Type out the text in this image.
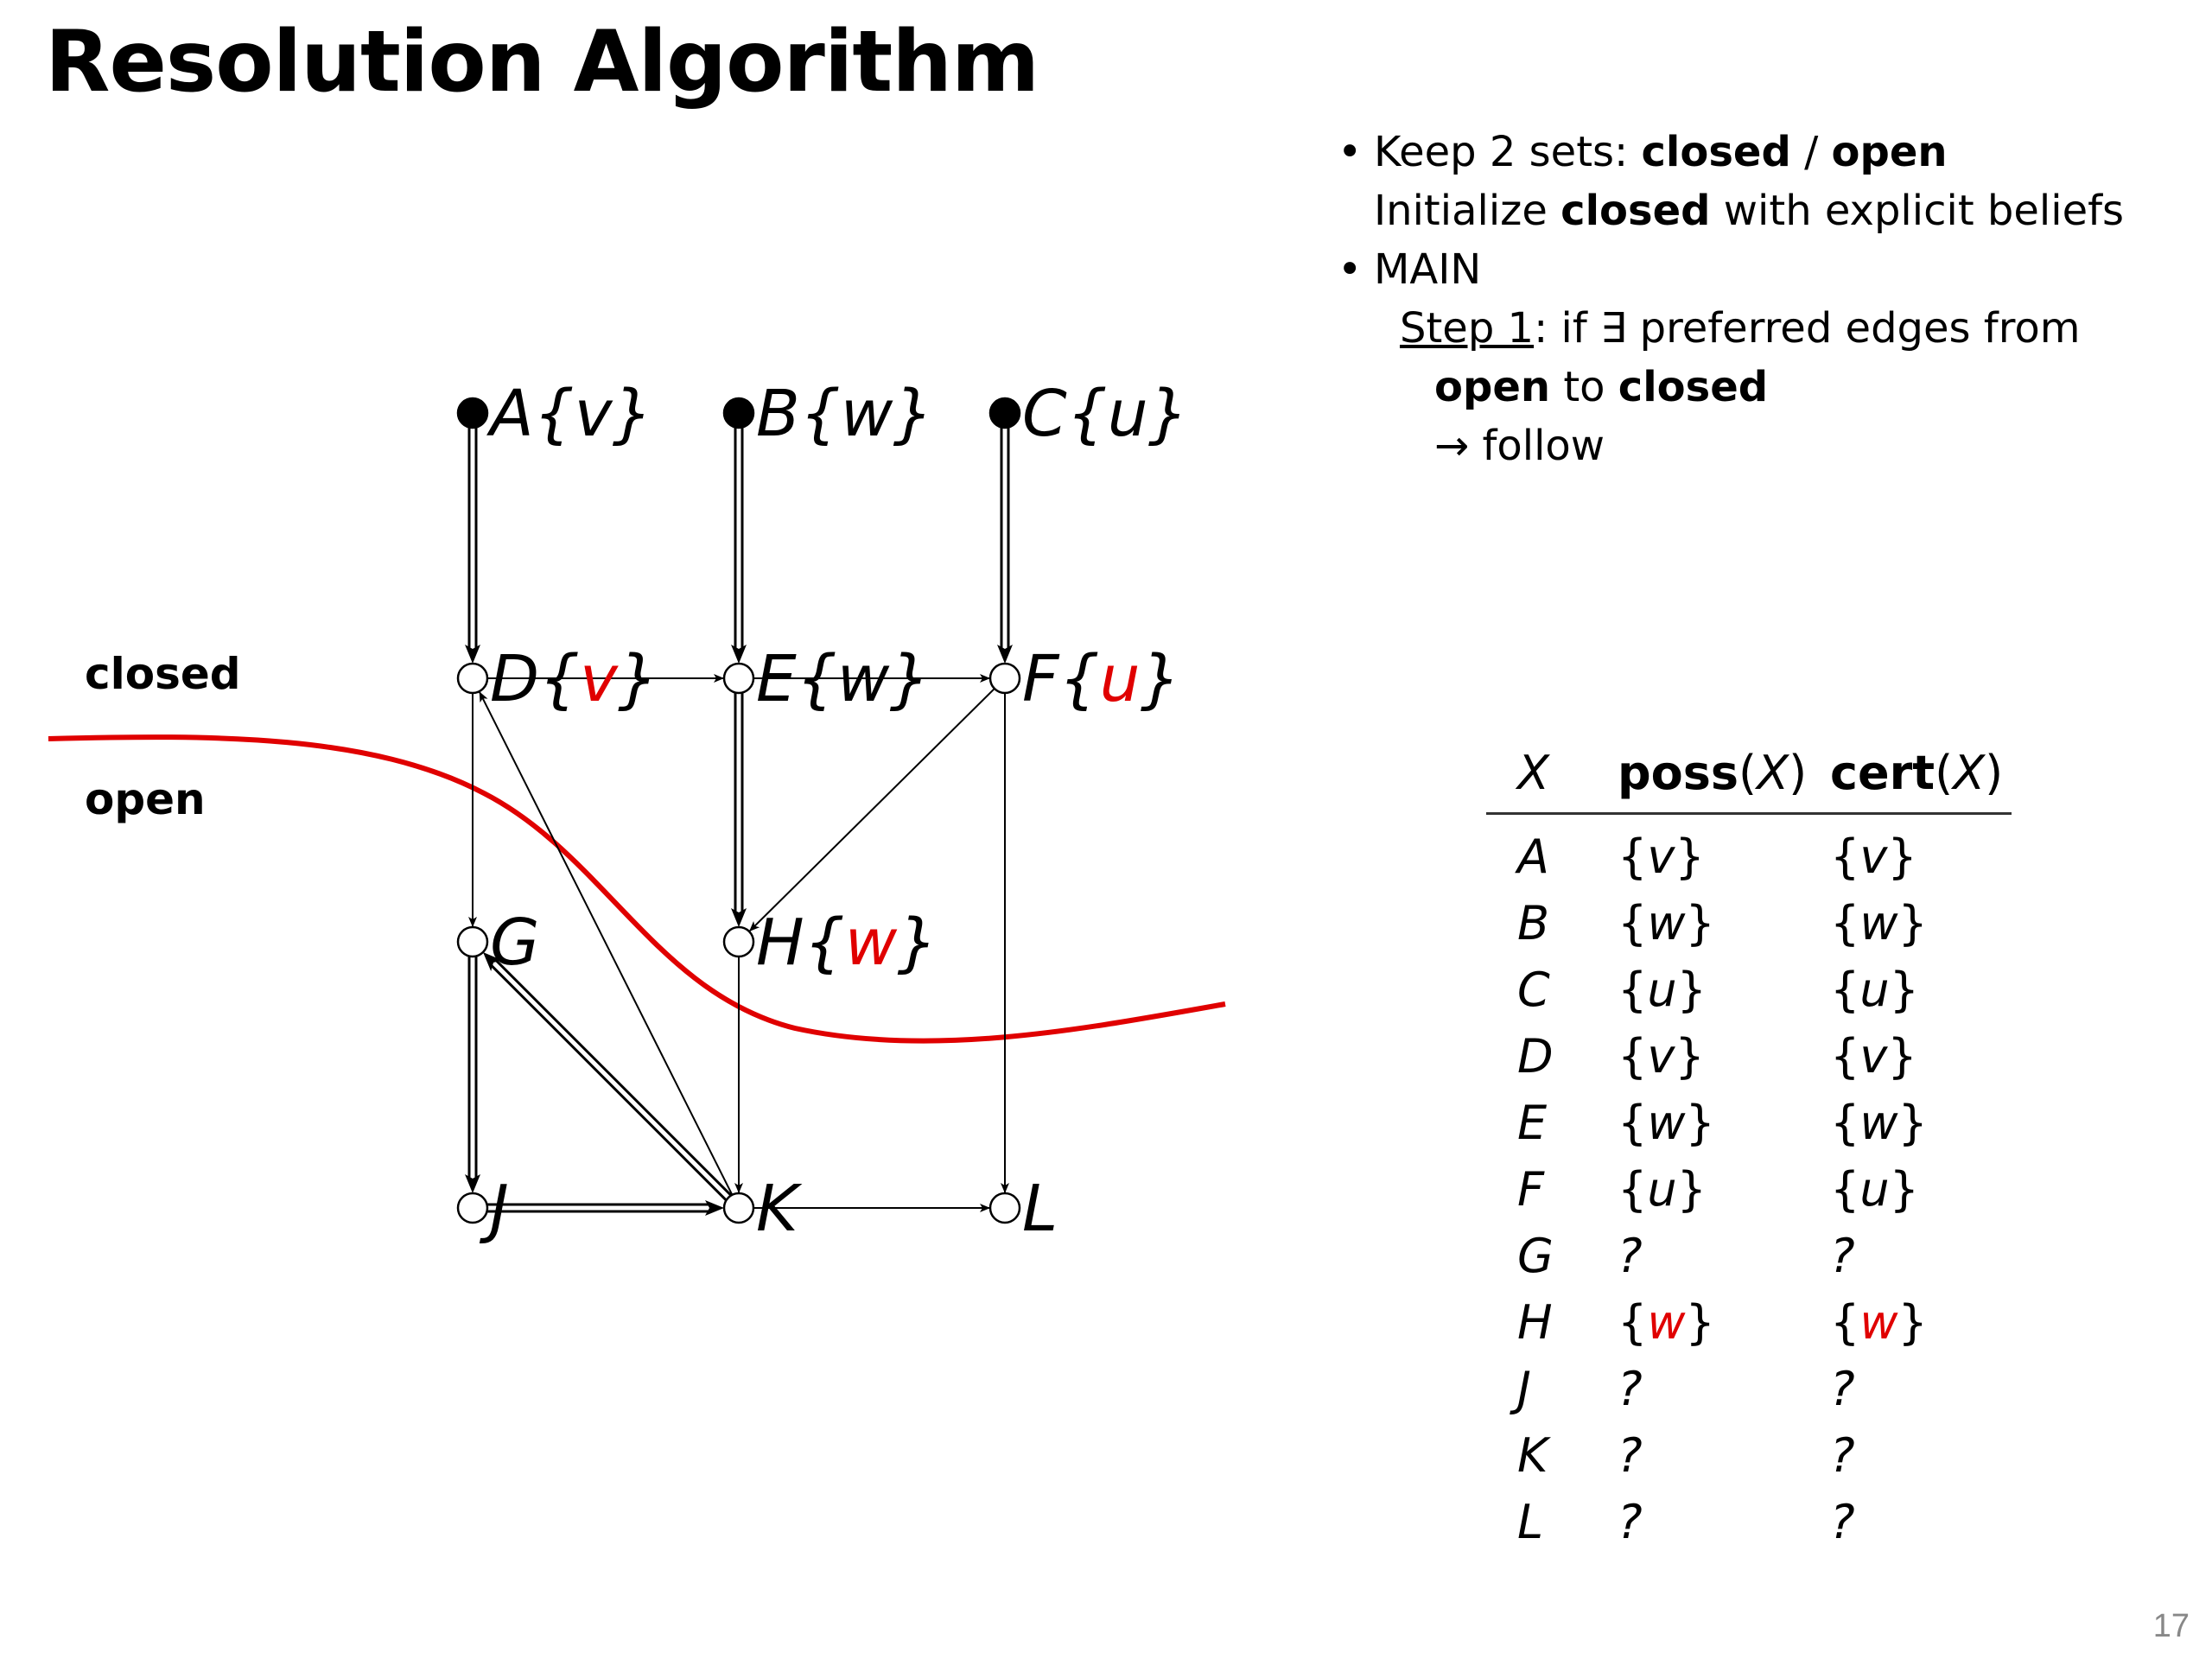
Resolution Algorithm
closed
open
A{v} B{w} C{u}
D{v} E{w} F{u}
G	H{w}
J	K	L
• Keep 2 sets: closed / open
Initialize closed with explicit beliefs
• MAIN
Step 1: if ∃ preferred edges from
open to closed
→ follow
X	poss(X)	cert(X)
A	{v}	{v}
B	{w}	{w}
C	{u}	{u}
D	{v}	{v}
E	{w}	{w}
F	{u}	{u}
G	?	?
H	{w}	{w}
J	?	?
K	?	?
L	?	?
17
